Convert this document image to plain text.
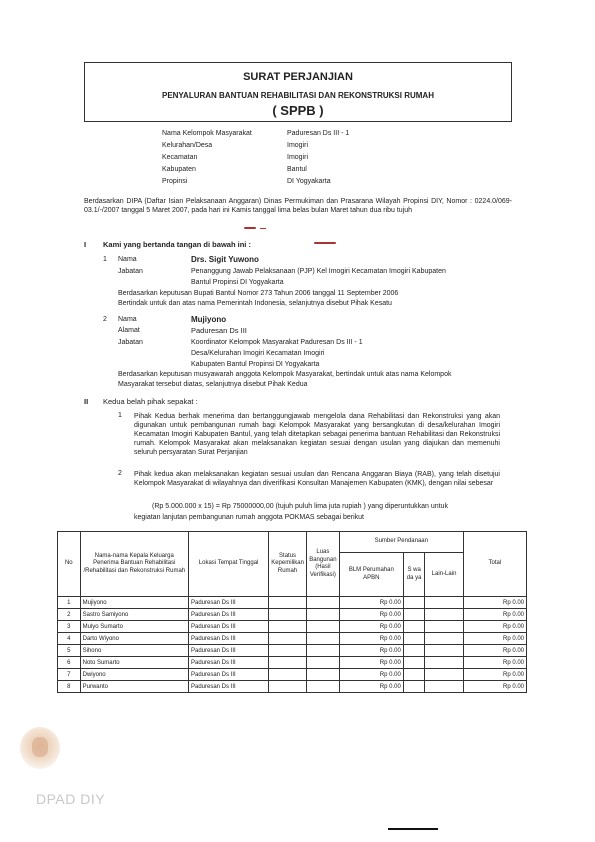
SURAT PERJANJIAN
PENYALURAN BANTUAN REHABILITASI DAN REKONSTRUKSI RUMAH
( SPPB )
Nama Kelompok Masyarakat	Paduresan Ds III - 1
Kelurahan/Desa	Imogiri
Kecamatan	Imogiri
Kabupaten	Bantul
Propinsi	DI Yogyakarta
Berdasarkan DIPA (Daftar Isian Pelaksanaan Anggaran) Dinas Permukiman dan Prasarana Wilayah Propinsi DIY, Nomor : 0224.0/069-03.1/-/2007 tanggal 5 Maret 2007, pada hari ini Kamis tanggal lima belas bulan Maret tahun dua ribu tujuh
I Kami yang bertanda tangan di bawah ini :
1 Nama	Drs. Sigit Yuwono
Jabatan	Penanggung Jawab Pelaksanaan (PJP) Kel Imogiri Kecamatan Imogiri Kabupaten
Bantul Propinsi DI Yogyakarta
Berdasarkan keputusan Bupati Bantul Nomor 273 Tahun 2006 tanggal 11 September 2006
Bertindak untuk dan atas nama Pemerintah Indonesia, selanjutnya disebut Pihak Kesatu
2 Nama	Mujiyono
Alamat	Paduresan Ds III
Jabatan	Koordinator Kelompok Masyarakat Paduresan Ds III - 1
Desa/Kelurahan Imogiri Kecamatan Imogiri
Kabupaten Bantul Propinsi DI Yogyakarta
Berdasarkan keputusan musyawarah anggota Kelompok Masyarakat, bertindak untuk atas nama Kelompok
Masyarakat tersebut diatas, selanjutnya disebut Pihak Kedua
II Kedua belah pihak sepakat :
1 Pihak Kedua berhak menerima dan bertanggungjawab mengelola dana Rehabilitasi dan Rekonstruksi yang akan digunakan untuk pembangunan rumah bagi Kelompok Masyarakat yang bersangkutan di desa/kelurahan Imogiri Kecamatan Imogiri Kabupaten Bantul, yang telah ditetapkan sebagai penerima bantuan Rehabilitasi dan Rekonstruksi rumah. Kelompok Masyarakat akan melaksanakan kegiatan sesuai dengan usulan yang diajukan dan memenuhi seluruh persyaratan Surat Perjanjian
2 Pihak kedua akan melaksanakan kegiatan sesuai usulan dan Rencana Anggaran Biaya (RAB), yang telah disetujui Kelompok Masyarakat di wilayahnya dan diverifikasi Konsultan Manajemen Kabupaten (KMK), dengan nilai sebesar
(Rp 5.000.000 x 15) = Rp 75000000,00 (tujuh puluh lima juta rupiah ) yang diperuntukkan untuk
kegiatan lanjutan pembangunan rumah anggota POKMAS sebagai berikut
No	Nama-nama Kepala Keluarga Penerima Bantuan Rehabilitasi /Rehabilitasi dan Rekonstruksi Rumah	Lokasi Tempat Tinggal	Status Kepemilikan Rumah	Luas Bangunan (Hasil Verifikasi)	Sumber Pendanaan			Total
					BLM Perumahan APBN	S wa da ya	Lain-Lain	
1	Mujiyono	Paduresan Ds III			Rp 0.00			Rp 0.00
2	Sastro Samiyono	Paduresan Ds III			Rp 0.00			Rp 0.00
3	Mulyo Sumarto	Paduresan Ds III			Rp 0.00			Rp 0.00
4	Darto Wiyono	Paduresan Ds III			Rp 0.00			Rp 0.00
5	Sihono	Paduresan Ds III			Rp 0.00			Rp 0.00
6	Noto Sumarto	Paduresan Ds III			Rp 0.00			Rp 0.00
7	Dwiyono	Paduresan Ds III			Rp 0.00			Rp 0.00
8	Purwanto	Paduresan Ds III			Rp 0.00			Rp 0.00
DPAD DIY
